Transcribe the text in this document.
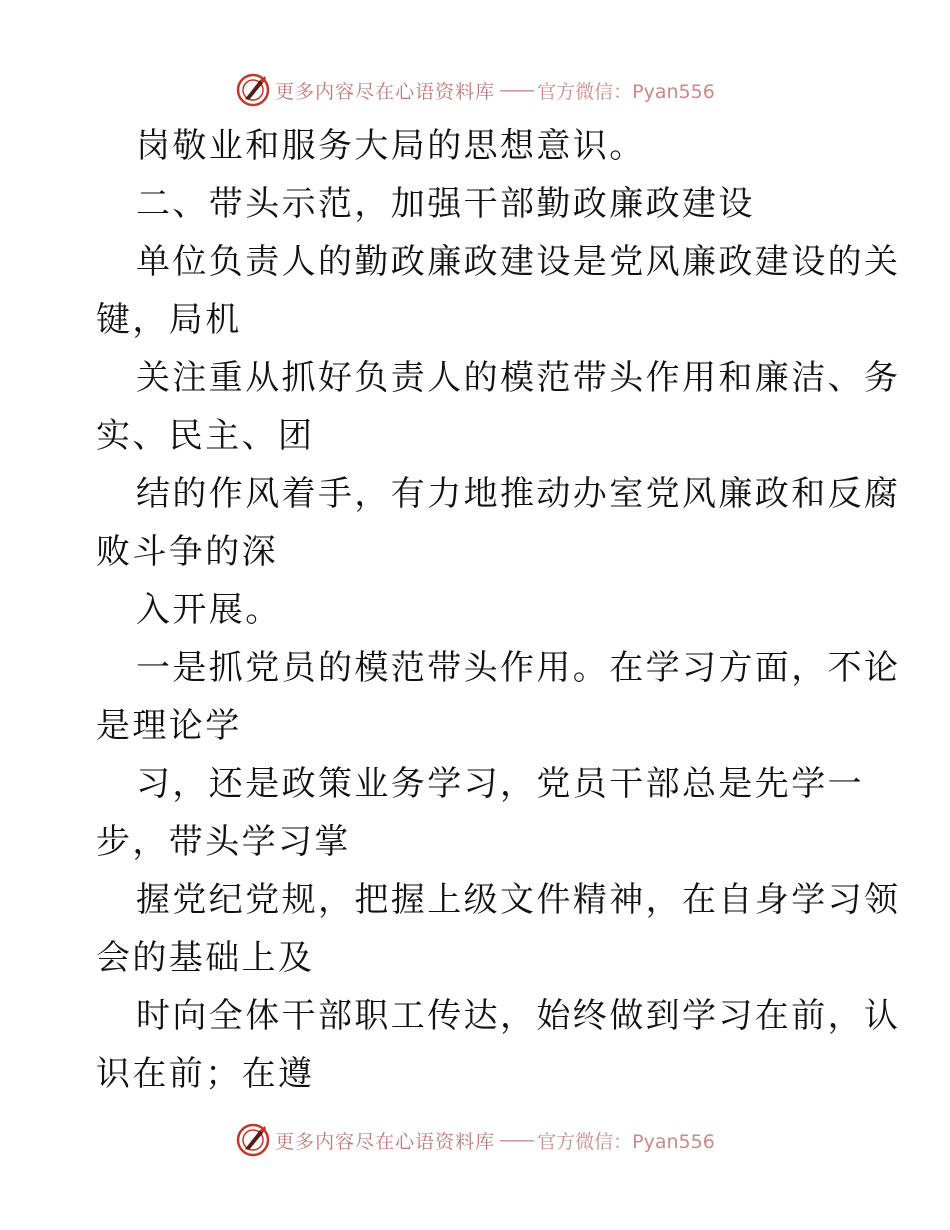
更多内容尽在心语资料库 —— 官方微信：Pyan556
岗敬业和服务大局的思想意识。
二、带头示范，加强干部勤政廉政建设
单位负责人的勤政廉政建设是党风廉政建设的关
键，局机
关注重从抓好负责人的模范带头作用和廉洁、务
实、民主、团
结的作风着手，有力地推动办室党风廉政和反腐
败斗争的深
入开展。
一是抓党员的模范带头作用。在学习方面，不论
是理论学
习，还是政策业务学习，党员干部总是先学一
步，带头学习掌
握党纪党规，把握上级文件精神，在自身学习领
会的基础上及
时向全体干部职工传达，始终做到学习在前，认
识在前；在遵
更多内容尽在心语资料库 —— 官方微信：Pyan556
